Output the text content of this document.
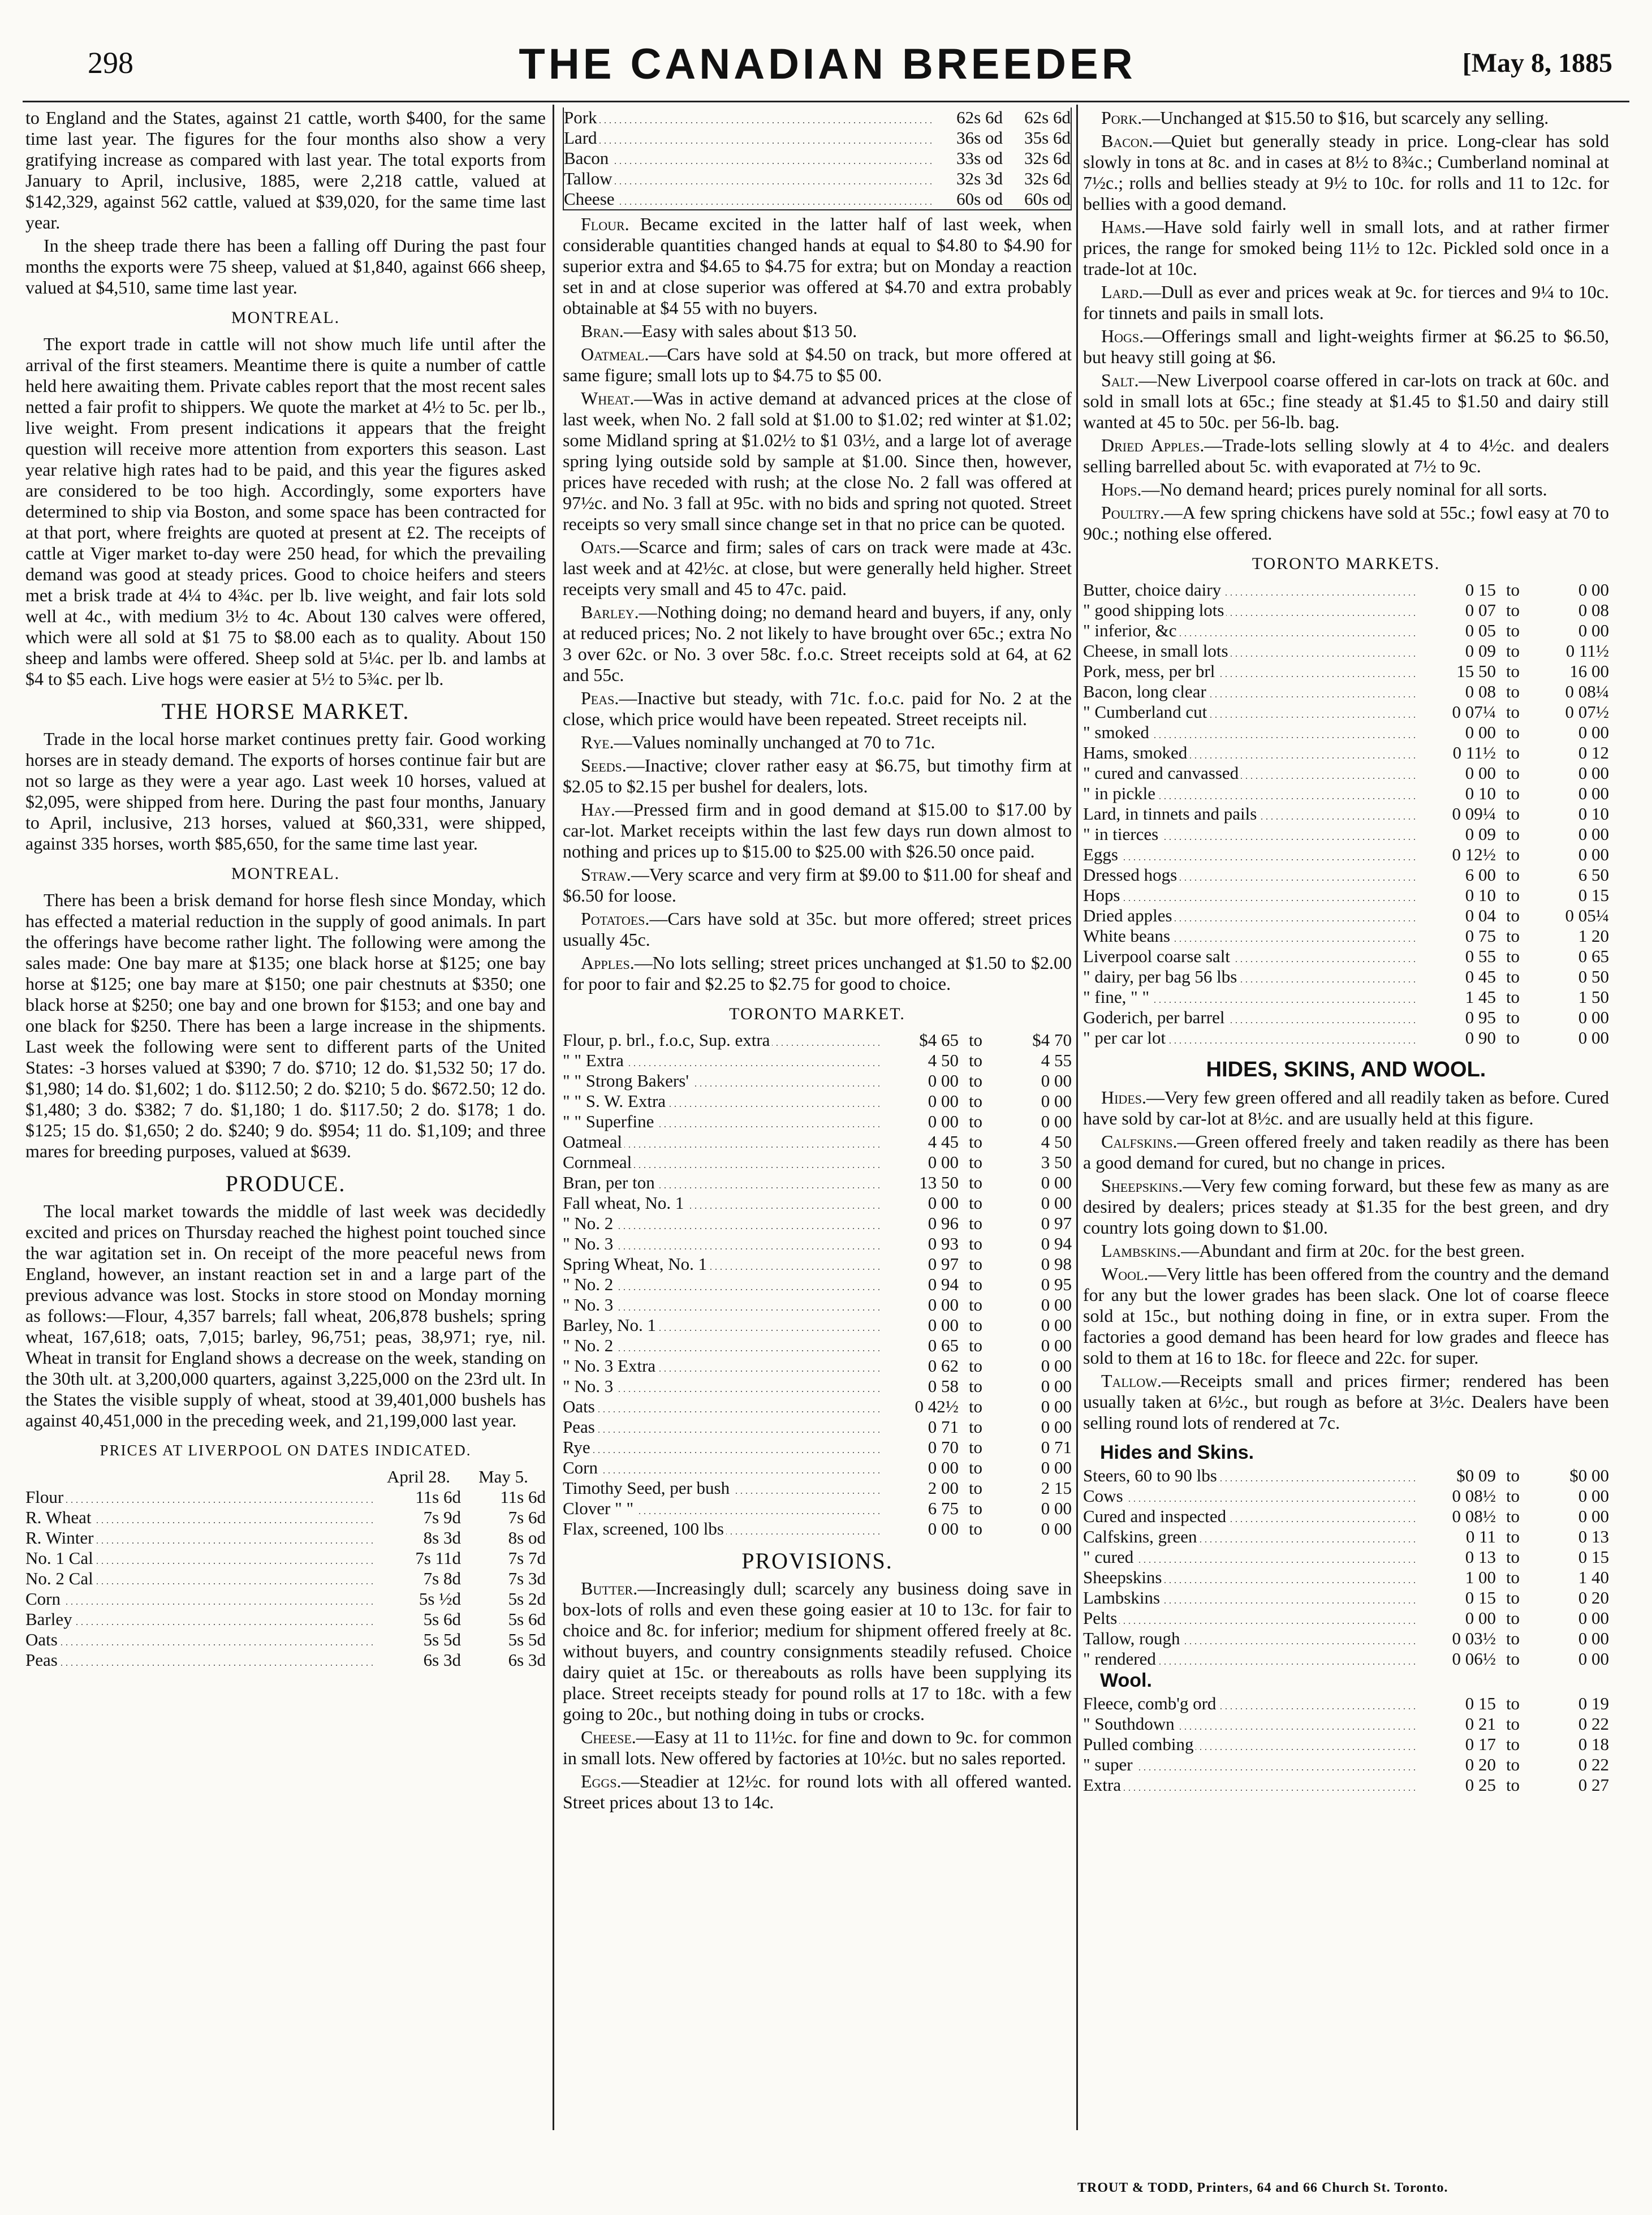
298	THE CANADIAN BREEDER	[May 8, 1885

to England and the States, against 21 cattle, worth $400, for the same time last year. The figures for the four months also show a very gratifying increase as compared with last year. The total exports from January to April, inclusive, 1885, were 2,218 cattle, valued at $142,329, against 562 cattle, valued at $39,020, for the same time last year.

In the sheep trade there has been a falling off During the past four months the exports were 75 sheep, valued at $1,840, against 666 sheep, valued at $4,510, same time last year.

MONTREAL.

The export trade in cattle will not show much life until after the arrival of the first steamers. Meantime there is quite a number of cattle held here awaiting them. Private cables report that the most recent sales netted a fair profit to shippers. We quote the market at 4½ to 5c. per lb., live weight. From present indications it appears that the freight question will receive more attention from exporters this season. Last year relative high rates had to be paid, and this year the figures asked are considered to be too high. Accordingly, some exporters have determined to ship via Boston, and some space has been contracted for at that port, where freights are quoted at present at £2. The receipts of cattle at Viger market to-day were 250 head, for which the prevailing demand was good at steady prices. Good to choice heifers and steers met a brisk trade at 4¼ to 4¾c. per lb. live weight, and fair lots sold well at 4c., with medium 3½ to 4c. About 130 calves were offered, which were all sold at $1 75 to $8.00 each as to quality. About 150 sheep and lambs were offered. Sheep sold at 5¼c. per lb. and lambs at $4 to $5 each. Live hogs were easier at 5½ to 5¾c. per lb.

THE HORSE MARKET.

Trade in the local horse market continues pretty fair. Good working horses are in steady demand. The exports of horses continue fair but are not so large as they were a year ago. Last week 10 horses, valued at $2,095, were shipped from here. During the past four months, January to April, inclusive, 213 horses, valued at $60,331, were shipped, against 335 horses, worth $85,650, for the same time last year.

MONTREAL.

There has been a brisk demand for horse flesh since Monday, which has effected a material reduction in the supply of good animals. In part the offerings have become rather light. The following were among the sales made: One bay mare at $135; one black horse at $125; one bay horse at $125; one bay mare at $150; one pair chestnuts at $350; one black horse at $250; one bay and one brown for $153; and one bay and one black for $250. There has been a large increase in the shipments. Last week the following were sent to different parts of the United States: -3 horses valued at $390; 7 do. $710; 12 do. $1,532 50; 17 do. $1,980; 14 do. $1,602; 1 do. $112.50; 2 do. $210; 5 do. $672.50; 12 do. $1,480; 3 do. $382; 7 do. $1,180; 1 do. $117.50; 2 do. $178; 1 do. $125; 15 do. $1,650; 2 do. $240; 9 do. $954; 11 do. $1,109; and three mares for breeding purposes, valued at $639.

PRODUCE.

The local market towards the middle of last week was decidedly excited and prices on Thursday reached the highest point touched since the war agitation set in. On receipt of the more peaceful news from England, however, an instant reaction set in and a large part of the previous advance was lost. Stocks in store stood on Monday morning as follows:—Flour, 4,357 barrels; fall wheat, 206,878 bushels; spring wheat, 167,618; oats, 7,015; barley, 96,751; peas, 38,971; rye, nil. Wheat in transit for England shows a decrease on the week, standing on the 30th ult. at 3,200,000 quarters, against 3,225,000 on the 23rd ult. In the States the visible supply of wheat, stood at 39,401,000 bushels has against 40,451,000 in the preceding week, and 21,199,000 last year.

PRICES AT LIVERPOOL ON DATES INDICATED.
	April 28.	May 5.
Flour	11s 6d	11s 6d
R. Wheat	7s 9d	7s 6d
R. Winter	8s 3d	8s od
No. 1 Cal	7s 11d	7s 7d
No. 2 Cal	7s 8d	7s 3d
Corn	5s ½d	5s 2d
Barley	5s 6d	5s 6d
Oats	5s 5d	5s 5d
Peas	6s 3d	6s 3d
Pork	62s 6d	62s 6d
Lard	36s od	35s 6d
Bacon	33s od	32s 6d
Tallow	32s 3d	32s 6d
Cheese	60s od	60s od

Flour. Became excited in the latter half of last week, when considerable quantities changed hands at equal to $4.80 to $4.90 for superior extra and $4.65 to $4.75 for extra; but on Monday a reaction set in and at close superior was offered at $4.70 and extra probably obtainable at $4 55 with no buyers.

Bran.—Easy with sales about $13 50.

Oatmeal.—Cars have sold at $4.50 on track, but more offered at same figure; small lots up to $4.75 to $5 00.

Wheat.—Was in active demand at advanced prices at the close of last week, when No. 2 fall sold at $1.00 to $1.02; red winter at $1.02; some Midland spring at $1.02½ to $1 03½, and a large lot of average spring lying outside sold by sample at $1.00. Since then, however, prices have receded with rush; at the close No. 2 fall was offered at 97½c. and No. 3 fall at 95c. with no bids and spring not quoted. Street receipts so very small since change set in that no price can be quoted.

Oats.—Scarce and firm; sales of cars on track were made at 43c. last week and at 42½c. at close, but were generally held higher. Street receipts very small and 45 to 47c. paid.

Barley.—Nothing doing; no demand heard and buyers, if any, only at reduced prices; No. 2 not likely to have brought over 65c.; extra No 3 over 62c. or No. 3 over 58c. f.o.c. Street receipts sold at 64, at 62 and 55c.

Peas.—Inactive but steady, with 71c. f.o.c. paid for No. 2 at the close, which price would have been repeated. Street receipts nil.

Rye.—Values nominally unchanged at 70 to 71c.

Seeds.—Inactive; clover rather easy at $6.75, but timothy firm at $2.05 to $2.15 per bushel for dealers, lots.

Hay.—Pressed firm and in good demand at $15.00 to $17.00 by car-lot. Market receipts within the last few days run down almost to nothing and prices up to $15.00 to $25.00 with $26.50 once paid.

Straw.—Very scarce and very firm at $9.00 to $11.00 for sheaf and $6.50 for loose.

Potatoes.—Cars have sold at 35c. but more offered; street prices usually 45c.

Apples.—No lots selling; street prices unchanged at $1.50 to $2.00 for poor to fair and $2.25 to $2.75 for good to choice.

TORONTO MARKET.
Flour, p. brl., f.o.c, Sup. extra	$4 65	to	$4 70
" " Extra	4 50	to	4 55
" " Strong Bakers'	0 00	to	0 00
" " S. W. Extra	0 00	to	0 00
" " Superfine	0 00	to	0 00
Oatmeal	4 45	to	4 50
Cornmeal	0 00	to	3 50
Bran, per ton	13 50	to	0 00
Fall wheat, No. 1	0 00	to	0 00
" No. 2	0 96	to	0 97
" No. 3	0 93	to	0 94
Spring Wheat, No. 1	0 97	to	0 98
" No. 2	0 94	to	0 95
" No. 3	0 00	to	0 00
Barley, No. 1	0 00	to	0 00
" No. 2	0 65	to	0 00
" No. 3 Extra	0 62	to	0 00
" No. 3	0 58	to	0 00
Oats	0 42½	to	0 00
Peas	0 71	to	0 00
Rye	0 70	to	0 71
Corn	0 00	to	0 00
Timothy Seed, per bush	2 00	to	2 15
Clover " "	6 75	to	0 00
Flax, screened, 100 lbs	0 00	to	0 00
PROVISIONS.

Butter.—Increasingly dull; scarcely any business doing save in box-lots of rolls and even these going easier at 10 to 13c. for fair to choice and 8c. for inferior; medium for shipment offered freely at 8c. without buyers, and country consignments steadily refused. Choice dairy quiet at 15c. or thereabouts as rolls have been supplying its place. Street receipts steady for pound rolls at 17 to 18c. with a few going to 20c., but nothing doing in tubs or crocks.

Cheese.—Easy at 11 to 11½c. for fine and down to 9c. for common in small lots. New offered by factories at 10½c. but no sales reported.

Eggs.—Steadier at 12½c. for round lots with all offered wanted. Street prices about 13 to 14c.

Pork.—Unchanged at $15.50 to $16, but scarcely any selling.

Bacon.—Quiet but generally steady in price. Long-clear has sold slowly in tons at 8c. and in cases at 8½ to 8¾c.; Cumberland nominal at 7½c.; rolls and bellies steady at 9½ to 10c. for rolls and 11 to 12c. for bellies with a good demand.

Hams.—Have sold fairly well in small lots, and at rather firmer prices, the range for smoked being 11½ to 12c. Pickled sold once in a trade-lot at 10c.

Lard.—Dull as ever and prices weak at 9c. for tierces and 9¼ to 10c. for tinnets and pails in small lots.

Hogs.—Offerings small and light-weights firmer at $6.25 to $6.50, but heavy still going at $6.

Salt.—New Liverpool coarse offered in car-lots on track at 60c. and sold in small lots at 65c.; fine steady at $1.45 to $1.50 and dairy still wanted at 45 to 50c. per 56-lb. bag.

Dried Apples.—Trade-lots selling slowly at 4 to 4½c. and dealers selling barrelled about 5c. with evaporated at 7½ to 9c.

Hops.—No demand heard; prices purely nominal for all sorts.

Poultry.—A few spring chickens have sold at 55c.; fowl easy at 70 to 90c.; nothing else offered.

TORONTO MARKETS.
Butter, choice dairy	0 15	to	0 00
" good shipping lots	0 07	to	0 08
" inferior, &c	0 05	to	0 00
Cheese, in small lots	0 09	to	0 11½
Pork, mess, per brl	15 50	to	16 00
Bacon, long clear	0 08	to	0 08¼
" Cumberland cut	0 07¼	to	0 07½
" smoked	0 00	to	0 00
Hams, smoked	0 11½	to	0 12
" cured and canvassed	0 00	to	0 00
" in pickle	0 10	to	0 00
Lard, in tinnets and pails	0 09¼	to	0 10
" in tierces	0 09	to	0 00
Eggs	0 12½	to	0 00
Dressed hogs	6 00	to	6 50
Hops	0 10	to	0 15
Dried apples	0 04	to	0 05¼
White beans	0 75	to	1 20
Liverpool coarse salt	0 55	to	0 65
" dairy, per bag 56 lbs	0 45	to	0 50
" fine, " "	1 45	to	1 50
Goderich, per barrel	0 95	to	0 00
" per car lot	0 90	to	0 00
HIDES, SKINS, AND WOOL.

Hides.—Very few green offered and all readily taken as before. Cured have sold by car-lot at 8½c. and are usually held at this figure.

Calfskins.—Green offered freely and taken readily as there has been a good demand for cured, but no change in prices.

Sheepskins.—Very few coming forward, but these few as many as are desired by dealers; prices steady at $1.35 for the best green, and dry country lots going down to $1.00.

Lambskins.—Abundant and firm at 20c. for the best green.

Wool.—Very little has been offered from the country and the demand for any but the lower grades has been slack. One lot of coarse fleece sold at 15c., but nothing doing in fine, or in extra super. From the factories a good demand has been heard for low grades and fleece has sold to them at 16 to 18c. for fleece and 22c. for super.

Tallow.—Receipts small and prices firmer; rendered has been usually taken at 6½c., but rough as before at 3½c. Dealers have been selling round lots of rendered at 7c.

Hides and Skins.
Steers, 60 to 90 lbs	$0 09	to	$0 00
Cows	0 08½	to	0 00
Cured and inspected	0 08½	to	0 00
Calfskins, green	0 11	to	0 13
" cured	0 13	to	0 15
Sheepskins	1 00	to	1 40
Lambskins	0 15	to	0 20
Pelts	0 00	to	0 00
Tallow, rough	0 03½	to	0 00
" rendered	0 06½	to	0 00
Wool.
Fleece, comb'g ord	0 15	to	0 19
" Southdown	0 21	to	0 22
Pulled combing	0 17	to	0 18
" super	0 20	to	0 22
Extra	0 25	to	0 27
TROUT & TODD, Printers, 64 and 66 Church St. Toronto.
